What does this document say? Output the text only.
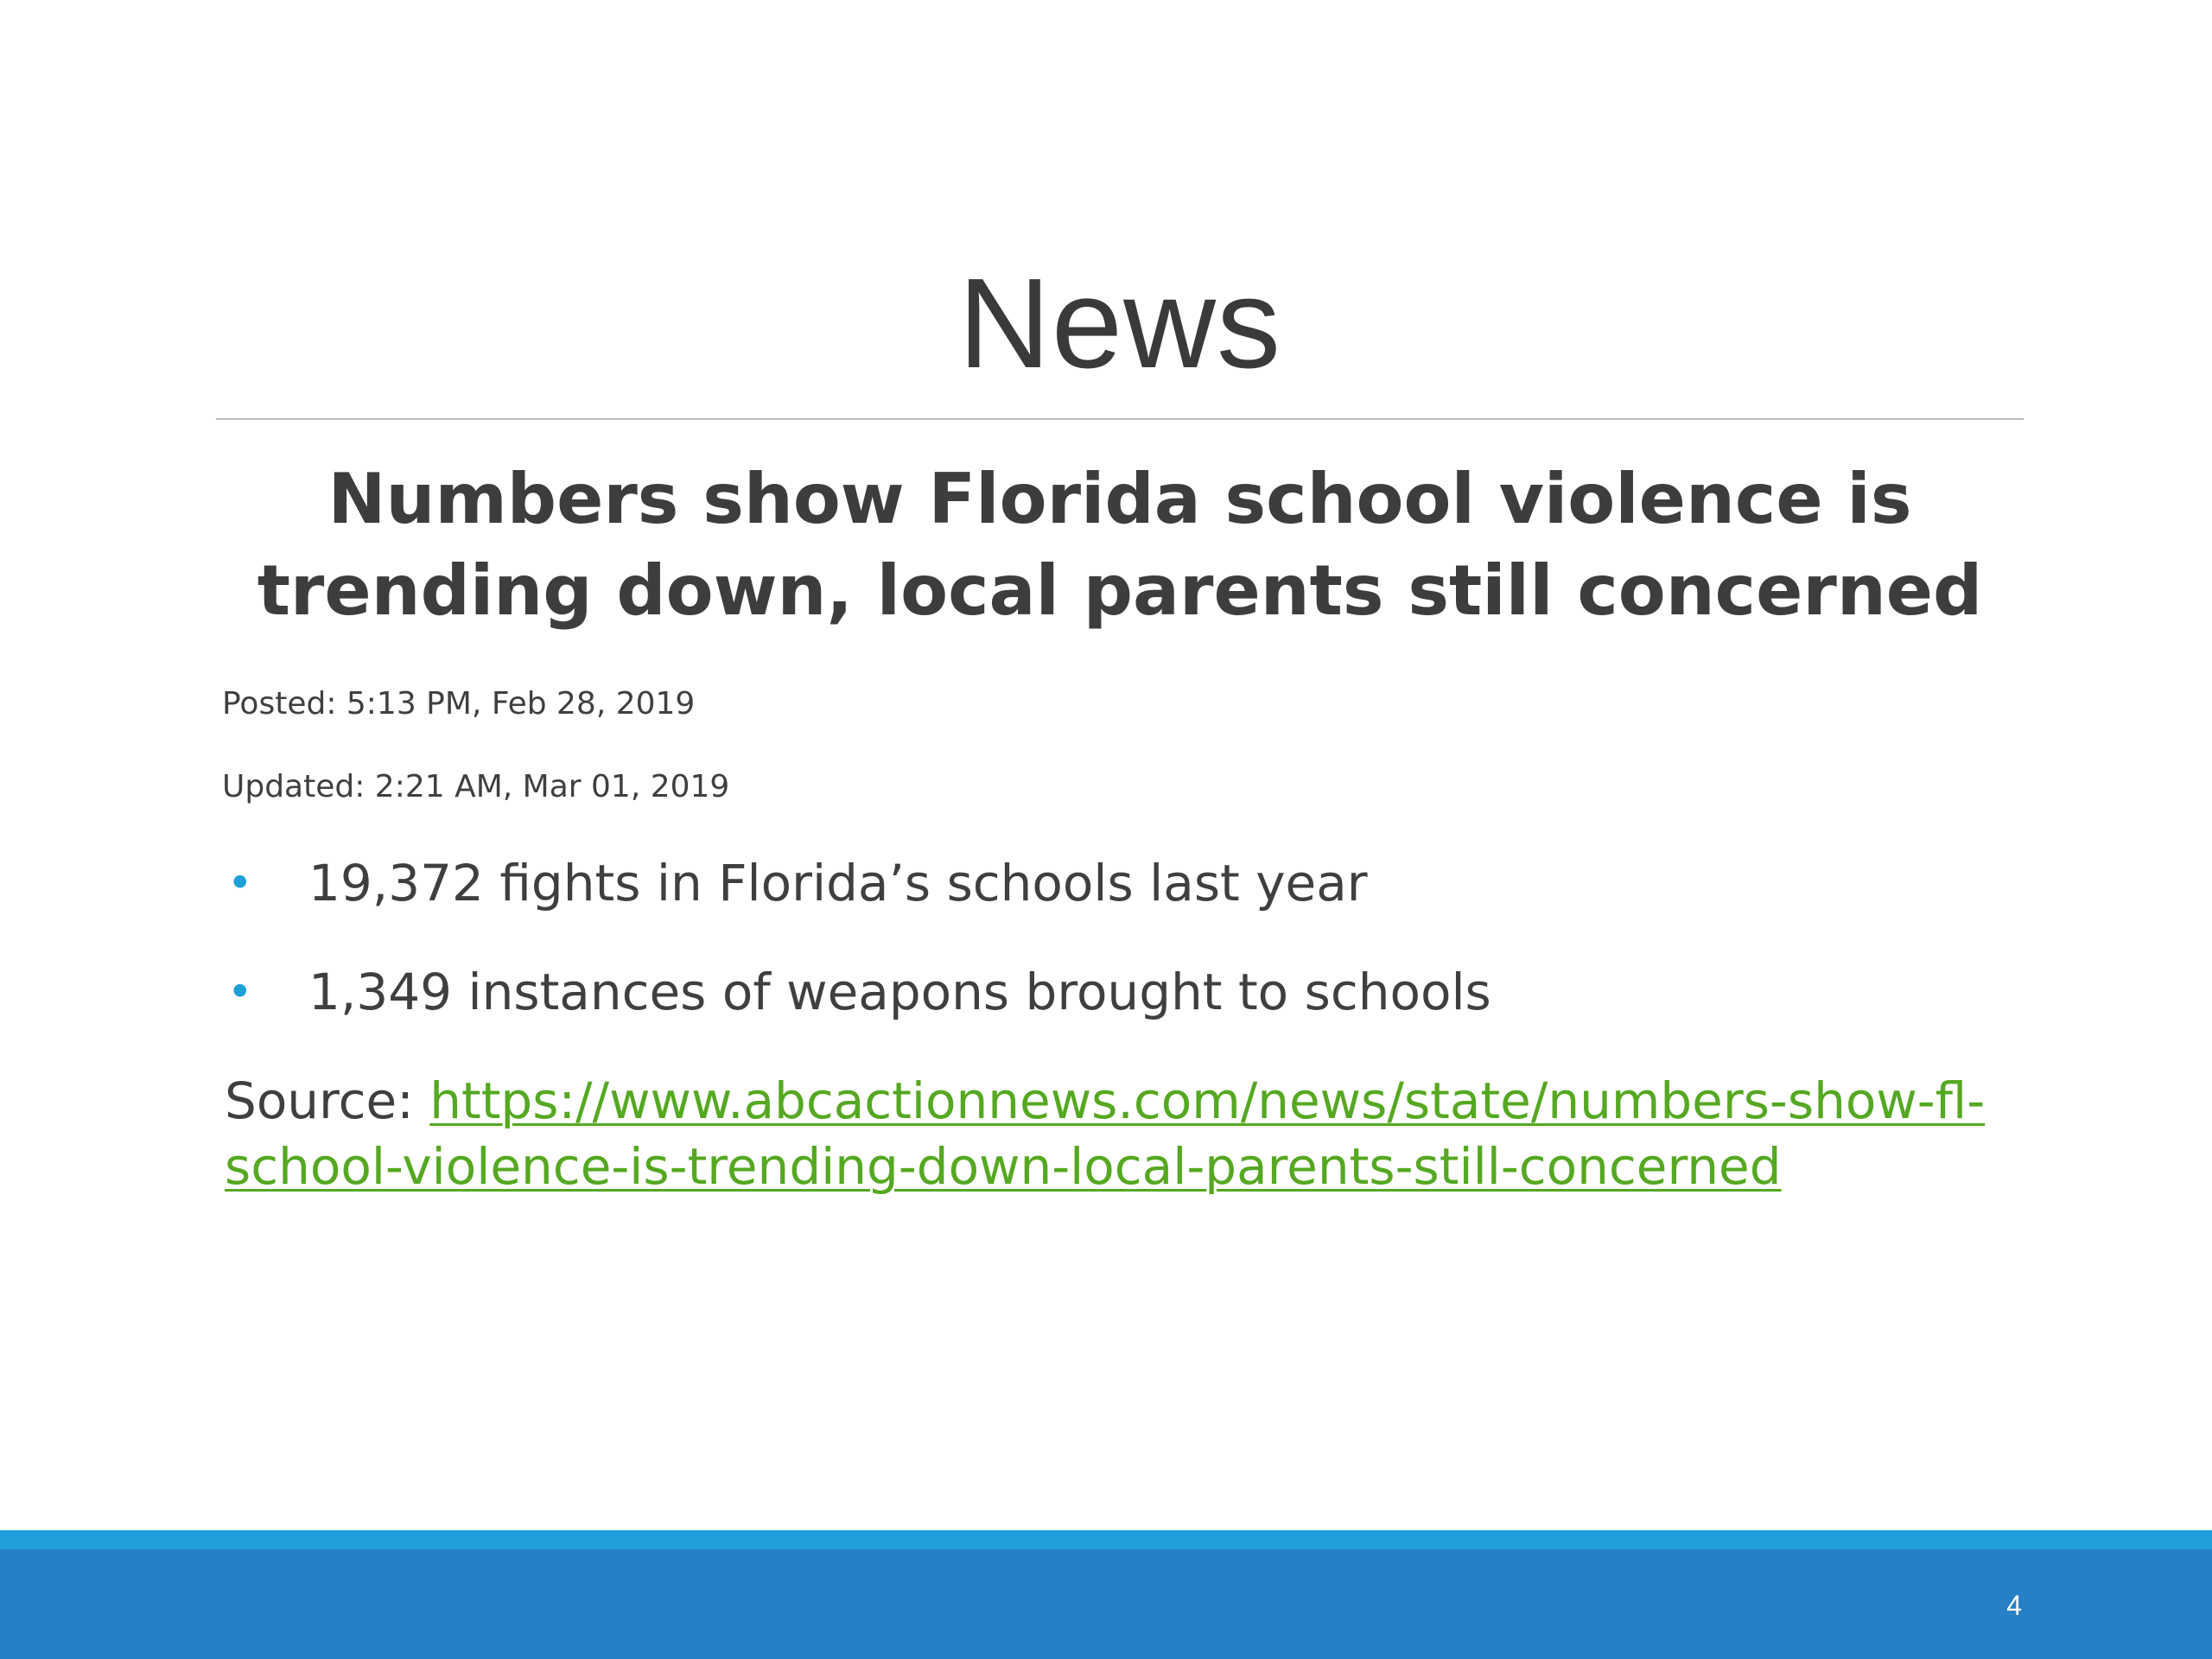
News
Numbers show Florida school violence is trending down, local parents still concerned
Posted: 5:13 PM, Feb 28, 2019
Updated: 2:21 AM, Mar 01, 2019
• 19,372 fights in Florida’s schools last year
• 1,349 instances of weapons brought to schools
Source: https://www.abcactionnews.com/news/state/numbers-show-fl-school-violence-is-trending-down-local-parents-still-concerned
4
